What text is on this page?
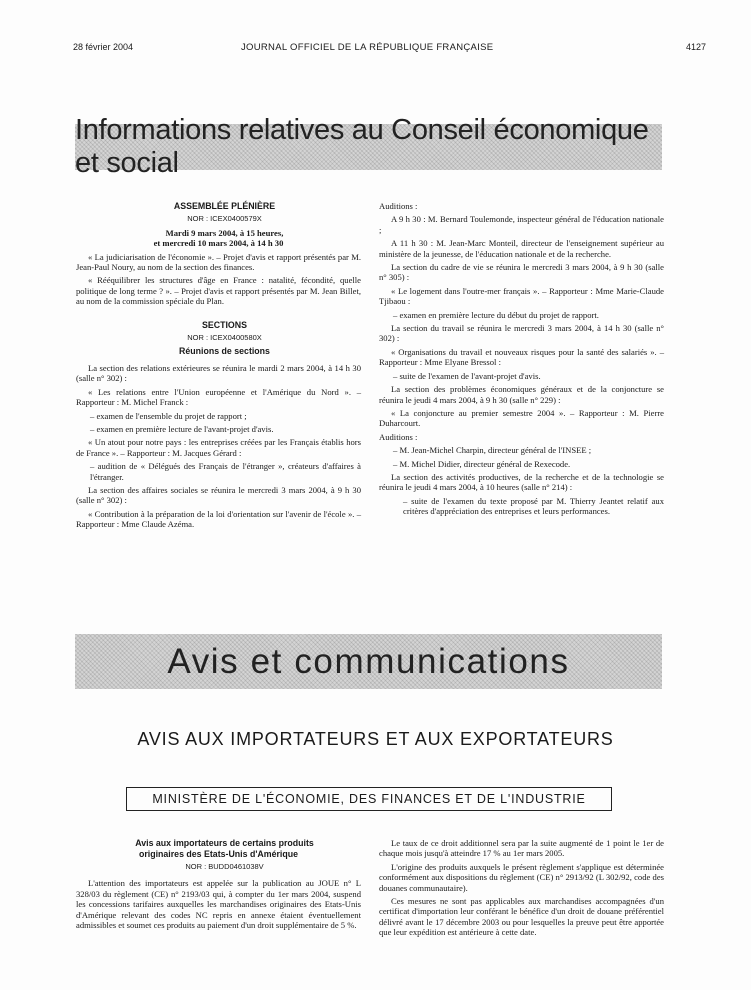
28 février 2004	JOURNAL OFFICIEL DE LA RÉPUBLIQUE FRANÇAISE	4127
Informations relatives au Conseil économique et social

ASSEMBLÉE PLÉNIÈRE

NOR : ICEX0400579X

Mardi 9 mars 2004, à 15 heures,
et mercredi 10 mars 2004, à 14 h 30

« La judiciarisation de l'économie ». – Projet d'avis et rapport présentés par M. Jean-Paul Noury, au nom de la section des finances.

« Rééquilibrer les structures d'âge en France : natalité, fécondité, quelle politique de long terme ? ». – Projet d'avis et rapport présentés par M. Jean Billet, au nom de la commission spéciale du Plan.

SECTIONS

NOR : ICEX0400580X

Réunions de sections

La section des relations extérieures se réunira le mardi 2 mars 2004, à 14 h 30 (salle n° 302) :

« Les relations entre l'Union européenne et l'Amérique du Nord ». – Rapporteur : M. Michel Franck :

– examen de l'ensemble du projet de rapport ;

– examen en première lecture de l'avant-projet d'avis.

« Un atout pour notre pays : les entreprises créées par les Français établis hors de France ». – Rapporteur : M. Jacques Gérard :

– audition de « Délégués des Français de l'étranger », créateurs d'affaires à l'étranger.

La section des affaires sociales se réunira le mercredi 3 mars 2004, à 9 h 30 (salle n° 302) :

« Contribution à la préparation de la loi d'orientation sur l'avenir de l'école ». – Rapporteur : Mme Claude Azéma.

Auditions :

A 9 h 30 : M. Bernard Toulemonde, inspecteur général de l'éducation nationale ;

A 11 h 30 : M. Jean-Marc Monteil, directeur de l'enseignement supérieur au ministère de la jeunesse, de l'éducation nationale et de la recherche.

La section du cadre de vie se réunira le mercredi 3 mars 2004, à 9 h 30 (salle n° 305) :

« Le logement dans l'outre-mer français ». – Rapporteur : Mme Marie-Claude Tjibaou :

– examen en première lecture du début du projet de rapport.

La section du travail se réunira le mercredi 3 mars 2004, à 14 h 30 (salle n° 302) :

« Organisations du travail et nouveaux risques pour la santé des salariés ». – Rapporteur : Mme Elyane Bressol :

– suite de l'examen de l'avant-projet d'avis.

La section des problèmes économiques généraux et de la conjoncture se réunira le jeudi 4 mars 2004, à 9 h 30 (salle n° 229) :

« La conjoncture au premier semestre 2004 ». – Rapporteur : M. Pierre Duharcourt.

Auditions :

– M. Jean-Michel Charpin, directeur général de l'INSEE ;

– M. Michel Didier, directeur général de Rexecode.

La section des activités productives, de la recherche et de la technologie se réunira le jeudi 4 mars 2004, à 10 heures (salle n° 214) :

– suite de l'examen du texte proposé par M. Thierry Jeantet relatif aux critères d'appréciation des entreprises et leurs performances.

Avis et communications
AVIS AUX IMPORTATEURS ET AUX EXPORTATEURS
MINISTÈRE DE L'ÉCONOMIE, DES FINANCES ET DE L'INDUSTRIE

Avis aux importateurs de certains produits
originaires des Etats-Unis d'Amérique

NOR : BUDD0461038V

L'attention des importateurs est appelée sur la publication au JOUE n° L 328/03 du règlement (CE) n° 2193/03 qui, à compter du 1er mars 2004, suspend les concessions tarifaires auxquelles les marchandises originaires des Etats-Unis d'Amérique relevant des codes NC repris en annexe étaient éventuellement admissibles et soumet ces produits au paiement d'un droit supplémentaire de 5 %.

Le taux de ce droit additionnel sera par la suite augmenté de 1 point le 1er de chaque mois jusqu'à atteindre 17 % au 1er mars 2005.

L'origine des produits auxquels le présent règlement s'applique est déterminée conformément aux dispositions du règlement (CE) n° 2913/92 (L 302/92, code des douanes communautaire).

Ces mesures ne sont pas applicables aux marchandises accompagnées d'un certificat d'importation leur conférant le bénéfice d'un droit de douane préférentiel délivré avant le 17 décembre 2003 ou pour lesquelles la preuve peut être apportée que leur expédition est antérieure à cette date.
